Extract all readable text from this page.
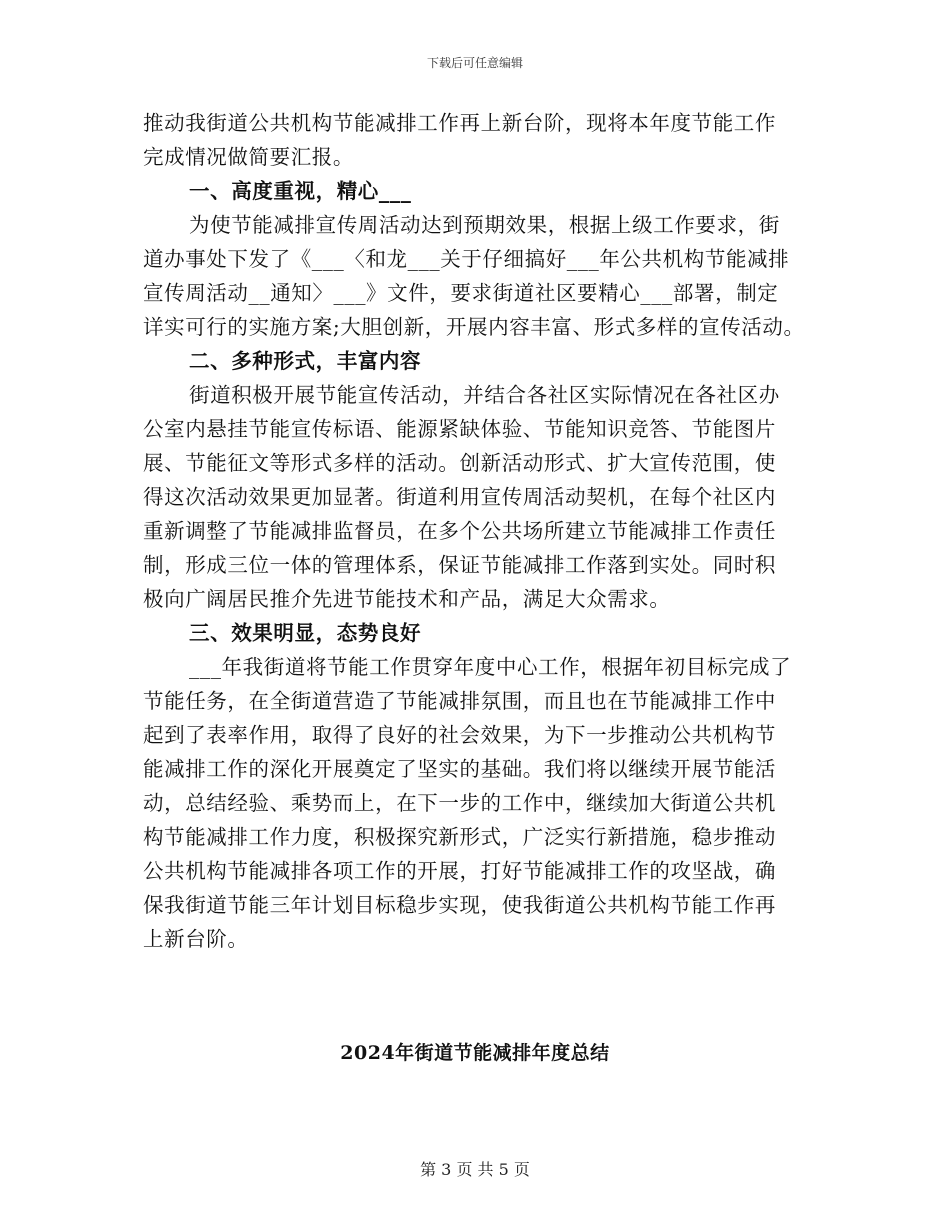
下载后可任意编辑
推动我街道公共机构节能减排工作再上新台阶，现将本年度节能工作
完成情况做简要汇报。
一、高度重视，精心___
为使节能减排宣传周活动达到预期效果，根据上级工作要求，街
道办事处下发了《___〈和龙___关于仔细搞好___年公共机构节能减排
宣传周活动__通知〉___》文件，要求街道社区要精心___部署，制定
详实可行的实施方案;大胆创新，开展内容丰富、形式多样的宣传活动。
二、多种形式，丰富内容
街道积极开展节能宣传活动，并结合各社区实际情况在各社区办
公室内悬挂节能宣传标语、能源紧缺体验、节能知识竞答、节能图片
展、节能征文等形式多样的活动。创新活动形式、扩大宣传范围，使
得这次活动效果更加显著。街道利用宣传周活动契机，在每个社区内
重新调整了节能减排监督员，在多个公共场所建立节能减排工作责任
制，形成三位一体的管理体系，保证节能减排工作落到实处。同时积
极向广阔居民推介先进节能技术和产品，满足大众需求。
三、效果明显，态势良好
___年我街道将节能工作贯穿年度中心工作，根据年初目标完成了
节能任务，在全街道营造了节能减排氛围，而且也在节能减排工作中
起到了表率作用，取得了良好的社会效果，为下一步推动公共机构节
能减排工作的深化开展奠定了坚实的基础。我们将以继续开展节能活
动，总结经验、乘势而上，在下一步的工作中，继续加大街道公共机
构节能减排工作力度，积极探究新形式，广泛实行新措施，稳步推动
公共机构节能减排各项工作的开展，打好节能减排工作的攻坚战，确
保我街道节能三年计划目标稳步实现，使我街道公共机构节能工作再
上新台阶。
2024年街道节能减排年度总结
第 3 页 共 5 页
